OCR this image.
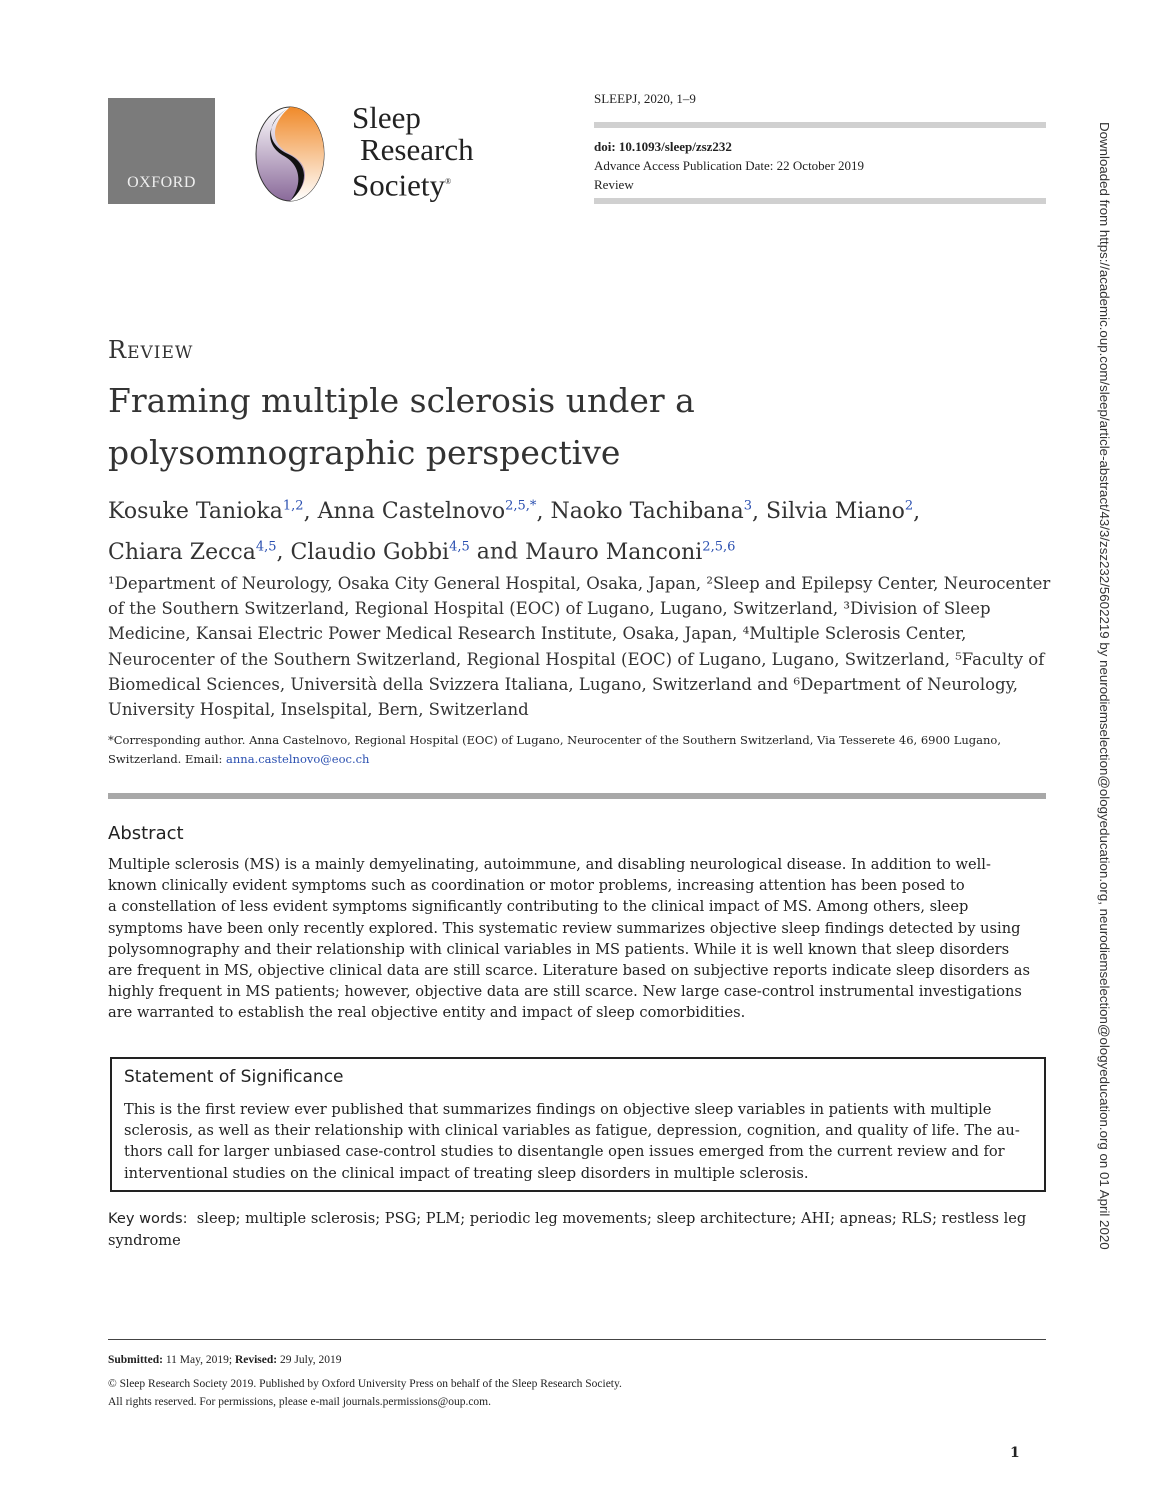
OXFORD
Sleep
Research
Society®
SLEEPJ, 2020, 1–9
doi: 10.1093/sleep/zsz232
Advance Access Publication Date: 22 October 2019
Review
Review
Framing multiple sclerosis under a
polysomnographic perspective
Kosuke Tanioka$^{1,2}$, Anna Castelnovo$^{2,5,*}$, Naoko Tachibana$^3$, Silvia Miano$^2$,
Chiara Zecca$^{4,5}$, Claudio Gobbi$^{4,5}$ and Mauro Manconi$^{2,5,6}$
¹Department of Neurology, Osaka City General Hospital, Osaka, Japan, ²Sleep and Epilepsy Center, Neurocenter
of the Southern Switzerland, Regional Hospital (EOC) of Lugano, Lugano, Switzerland, ³Division of Sleep
Medicine, Kansai Electric Power Medical Research Institute, Osaka, Japan, ⁴Multiple Sclerosis Center,
Neurocenter of the Southern Switzerland, Regional Hospital (EOC) of Lugano, Lugano, Switzerland, ⁵Faculty of
Biomedical Sciences, Università della Svizzera Italiana, Lugano, Switzerland and ⁶Department of Neurology,
University Hospital, Inselspital, Bern, Switzerland
*Corresponding author. Anna Castelnovo, Regional Hospital (EOC) of Lugano, Neurocenter of the Southern Switzerland, Via Tesserete 46, 6900 Lugano,
Switzerland. Email: anna.castelnovo@eoc.ch
Abstract
Multiple sclerosis (MS) is a mainly demyelinating, autoimmune, and disabling neurological disease. In addition to well-
known clinically evident symptoms such as coordination or motor problems, increasing attention has been posed to
a constellation of less evident symptoms significantly contributing to the clinical impact of MS. Among others, sleep
symptoms have been only recently explored. This systematic review summarizes objective sleep findings detected by using
polysomnography and their relationship with clinical variables in MS patients. While it is well known that sleep disorders
are frequent in MS, objective clinical data are still scarce. Literature based on subjective reports indicate sleep disorders as
highly frequent in MS patients; however, objective data are still scarce. New large case-control instrumental investigations
are warranted to establish the real objective entity and impact of sleep comorbidities.
Statement of Significance
This is the first review ever published that summarizes findings on objective sleep variables in patients with multiple
sclerosis, as well as their relationship with clinical variables as fatigue, depression, cognition, and quality of life. The au-
thors call for larger unbiased case-control studies to disentangle open issues emerged from the current review and for
interventional studies on the clinical impact of treating sleep disorders in multiple sclerosis.
Key words: sleep; multiple sclerosis; PSG; PLM; periodic leg movements; sleep architecture; AHI; apneas; RLS; restless leg syndrome
Submitted: 11 May, 2019; Revised: 29 July, 2019
© Sleep Research Society 2019. Published by Oxford University Press on behalf of the Sleep Research Society.
All rights reserved. For permissions, please e-mail journals.permissions@oup.com.
1
Downloaded from https://academic.oup.com/sleep/article-abstract/43/3/zsz232/5602219 by neurodiemselection@ologyeducation.org, neurodiemselection@ologyeducation.org on 01 April 2020
